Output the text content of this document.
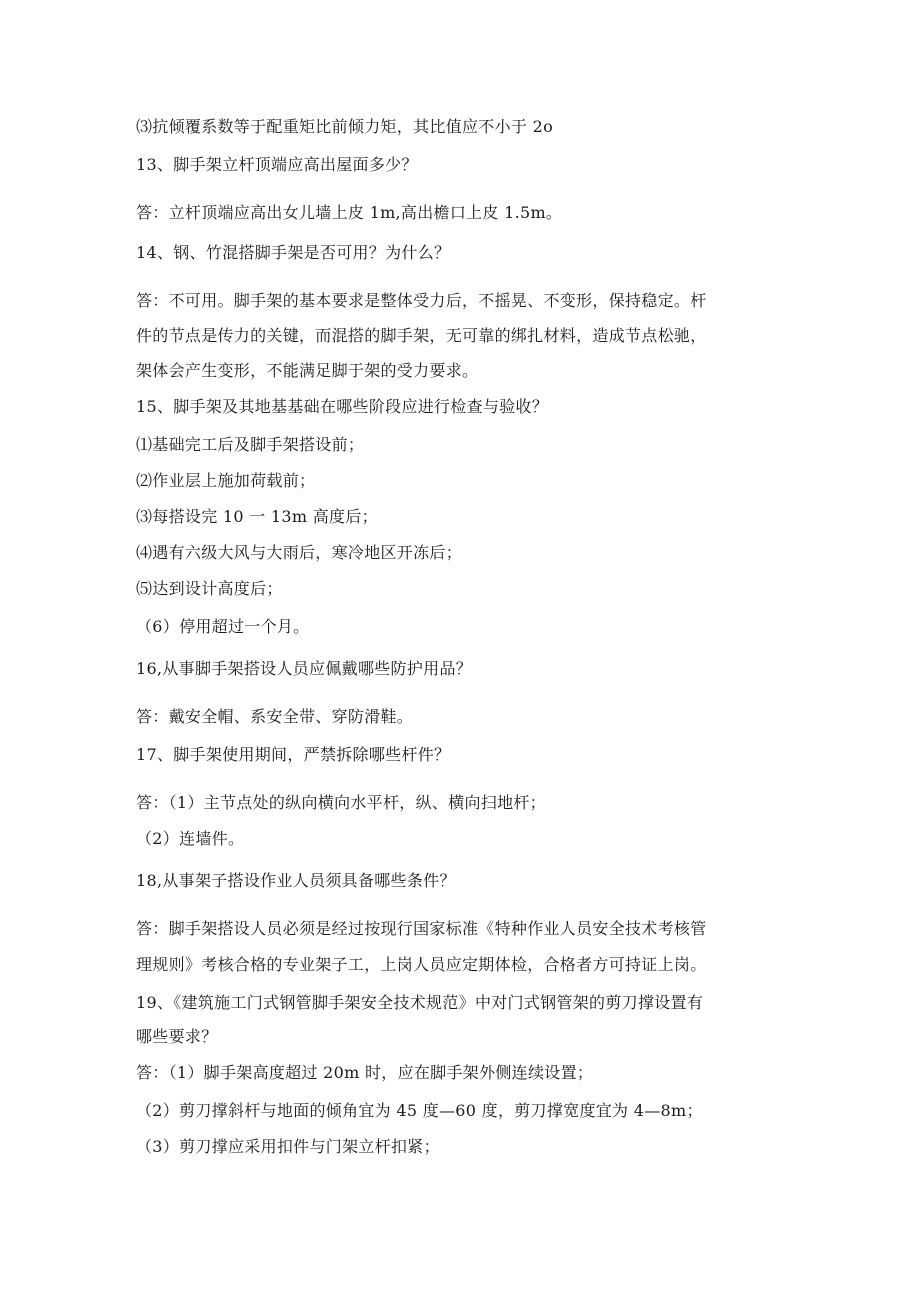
⑶抗倾覆系数等于配重矩比前倾力矩，其比值应不小于 2o
13、脚手架立杆顶端应高出屋面多少？
答：立杆顶端应高出女儿墙上皮 1m,高出檐口上皮 1.5m。
14、钢、竹混搭脚手架是否可用？为什么？
答：不可用。脚手架的基本要求是整体受力后，不摇晃、不变形，保持稳定。杆
件的节点是传力的关键，而混搭的脚手架，无可靠的绑扎材料，造成节点松驰，
架体会产生变形，不能满足脚于架的受力要求。
15、脚手架及其地基基础在哪些阶段应进行检查与验收？
⑴基础完工后及脚手架搭设前；
⑵作业层上施加荷载前；
⑶每搭设完 10 一 13m 高度后；
⑷遇有六级大风与大雨后，寒冷地区开冻后；
⑸达到设计高度后；
（6）停用超过一个月。
16,从事脚手架搭设人员应佩戴哪些防护用品？
答：戴安全帽、系安全带、穿防滑鞋。
17、脚手架使用期间，严禁拆除哪些杆件？
答：（1）主节点处的纵向横向水平杆，纵、横向扫地杆；
（2）连墙件。
18,从事架子搭设作业人员须具备哪些条件？
答：脚手架搭设人员必须是经过按现行国家标准《特种作业人员安全技术考核管
理规则》考核合格的专业架子工，上岗人员应定期体检，合格者方可持证上岗。
19、《建筑施工门式钢管脚手架安全技术规范》中对门式钢管架的剪刀撑设置有
哪些要求？
答：（1）脚手架高度超过 20m 时，应在脚手架外侧连续设置；
（2）剪刀撑斜杆与地面的倾角宜为 45 度—60 度，剪刀撑宽度宜为 4—8m；
（3）剪刀撑应采用扣件与门架立杆扣紧；
